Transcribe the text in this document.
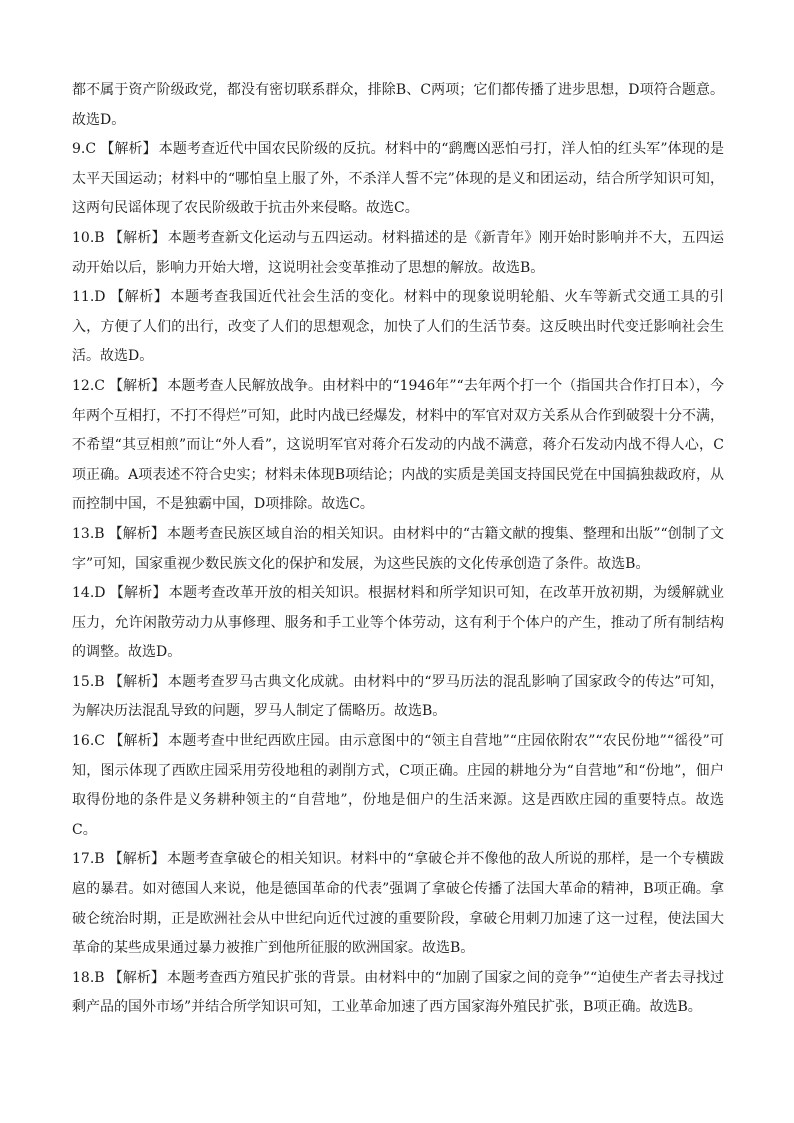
都不属于资产阶级政党，都没有密切联系群众，排除B、C两项；它们都传播了进步思想，D项符合题意。故选D。

9.C 【解析】 本题考查近代中国农民阶级的反抗。材料中的“鹞鹰凶恶怕弓打，洋人怕的红头军”体现的是太平天国运动；材料中的“哪怕皇上服了外，不杀洋人誓不完”体现的是义和团运动，结合所学知识可知，这两句民谣体现了农民阶级敢于抗击外来侵略。故选C。

10.B 【解析】 本题考查新文化运动与五四运动。材料描述的是《新青年》刚开始时影响并不大，五四运动开始以后，影响力开始大增，这说明社会变革推动了思想的解放。故选B。

11.D 【解析】 本题考查我国近代社会生活的变化。材料中的现象说明轮船、火车等新式交通工具的引入，方便了人们的出行，改变了人们的思想观念，加快了人们的生活节奏。这反映出时代变迁影响社会生活。故选D。

12.C 【解析】 本题考查人民解放战争。由材料中的“1946年”“去年两个打一个（指国共合作打日本），今年两个互相打，不打不得烂”可知，此时内战已经爆发，材料中的军官对双方关系从合作到破裂十分不满，不希望“其豆相煎”而让“外人看”，这说明军官对蒋介石发动的内战不满意，蒋介石发动内战不得人心，C项正确。A项表述不符合史实；材料未体现B项结论；内战的实质是美国支持国民党在中国搞独裁政府，从而控制中国，不是独霸中国，D项排除。故选C。

13.B 【解析】 本题考查民族区域自治的相关知识。由材料中的“古籍文献的搜集、整理和出版”“创制了文字”可知，国家重视少数民族文化的保护和发展，为这些民族的文化传承创造了条件。故选B。

14.D 【解析】 本题考查改革开放的相关知识。根据材料和所学知识可知，在改革开放初期，为缓解就业压力，允许闲散劳动力从事修理、服务和手工业等个体劳动，这有利于个体户的产生，推动了所有制结构的调整。故选D。

15.B 【解析】 本题考查罗马古典文化成就。由材料中的“罗马历法的混乱影响了国家政令的传达”可知，为解决历法混乱导致的问题，罗马人制定了儒略历。故选B。

16.C 【解析】 本题考查中世纪西欧庄园。由示意图中的“领主自营地”“庄园依附农”“农民份地”“徭役”可知，图示体现了西欧庄园采用劳役地租的剥削方式，C项正确。庄园的耕地分为“自营地”和“份地”，佃户取得份地的条件是义务耕种领主的“自营地”，份地是佃户的生活来源。这是西欧庄园的重要特点。故选C。

17.B 【解析】 本题考查拿破仑的相关知识。材料中的“拿破仑并不像他的敌人所说的那样，是一个专横跋扈的暴君。如对德国人来说，他是德国革命的代表”强调了拿破仑传播了法国大革命的精神，B项正确。拿破仑统治时期，正是欧洲社会从中世纪向近代过渡的重要阶段，拿破仑用刺刀加速了这一过程，使法国大革命的某些成果通过暴力被推广到他所征服的欧洲国家。故选B。

18.B 【解析】 本题考查西方殖民扩张的背景。由材料中的“加剧了国家之间的竞争”“迫使生产者去寻找过剩产品的国外市场”并结合所学知识可知，工业革命加速了西方国家海外殖民扩张，B项正确。故选B。
